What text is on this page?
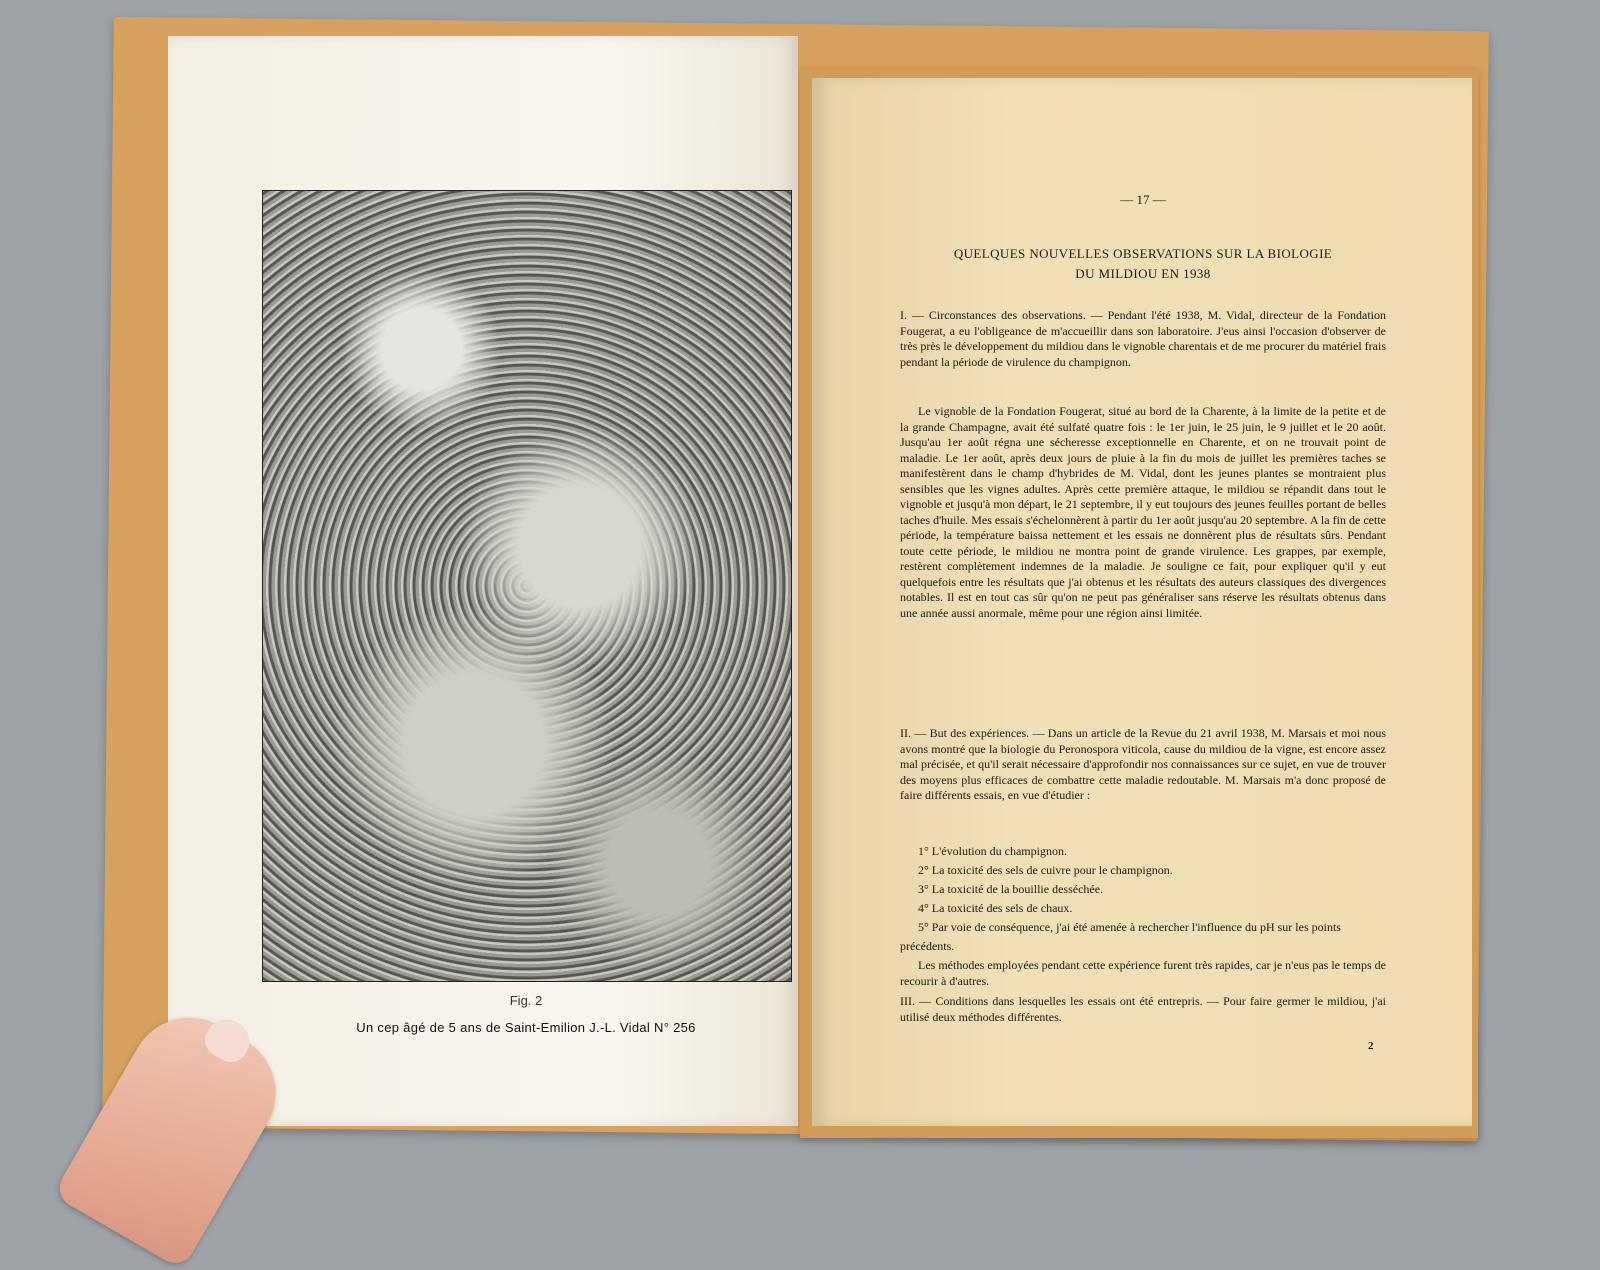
Fig. 2
Un cep âgé de 5 ans de Saint-Emilion J.-L. Vidal N° 256
— 17 —
QUELQUES NOUVELLES OBSERVATIONS SUR LA BIOLOGIE
DU MILDIOU EN 1938
I. — Circonstances des observations. — Pendant l'été 1938, M. Vidal, directeur de la Fondation Fougerat, a eu l'obligeance de m'accueillir dans son laboratoire. J'eus ainsi l'occasion d'observer de très près le développement du mildiou dans le vignoble charentais et de me procurer du matériel frais pendant la période de virulence du champignon.
Le vignoble de la Fondation Fougerat, situé au bord de la Charente, à la limite de la petite et de la grande Champagne, avait été sulfaté quatre fois : le 1er juin, le 25 juin, le 9 juillet et le 20 août. Jusqu'au 1er août régna une sécheresse exceptionnelle en Charente, et on ne trouvait point de maladie. Le 1er août, après deux jours de pluie à la fin du mois de juillet les premières taches se manifestèrent dans le champ d'hybrides de M. Vidal, dont les jeunes plantes se montraient plus sensibles que les vignes adultes. Après cette première attaque, le mildiou se répandit dans tout le vignoble et jusqu'à mon départ, le 21 septembre, il y eut toujours des jeunes feuilles portant de belles taches d'huile. Mes essais s'échelonnèrent à partir du 1er août jusqu'au 20 septembre. A la fin de cette période, la température baissa nettement et les essais ne donnèrent plus de résultats sûrs. Pendant toute cette période, le mildiou ne montra point de grande virulence. Les grappes, par exemple, restèrent complètement indemnes de la maladie. Je souligne ce fait, pour expliquer qu'il y eut quelquefois entre les résultats que j'ai obtenus et les résultats des auteurs classiques des divergences notables. Il est en tout cas sûr qu'on ne peut pas généraliser sans réserve les résultats obtenus dans une année aussi anormale, même pour une région ainsi limitée.
II. — But des expériences. — Dans un article de la Revue du 21 avril 1938, M. Marsais et moi nous avons montré que la biologie du Peronospora viticola, cause du mildiou de la vigne, est encore assez mal précisée, et qu'il serait nécessaire d'approfondir nos connaissances sur ce sujet, en vue de trouver des moyens plus efficaces de combattre cette maladie redoutable. M. Marsais m'a donc proposé de faire différents essais, en vue d'étudier :
1° L'évolution du champignon.
2° La toxicité des sels de cuivre pour le champignon.
3° La toxicité de la bouillie desséchée.
4° La toxicité des sels de chaux.
5° Par voie de conséquence, j'ai été amenée à rechercher l'influence du pH sur les points précédents.
Les méthodes employées pendant cette expérience furent très rapides, car je n'eus pas le temps de recourir à d'autres.
III. — Conditions dans lesquelles les essais ont été entrepris. — Pour faire germer le mildiou, j'ai utilisé deux méthodes différentes.
2
